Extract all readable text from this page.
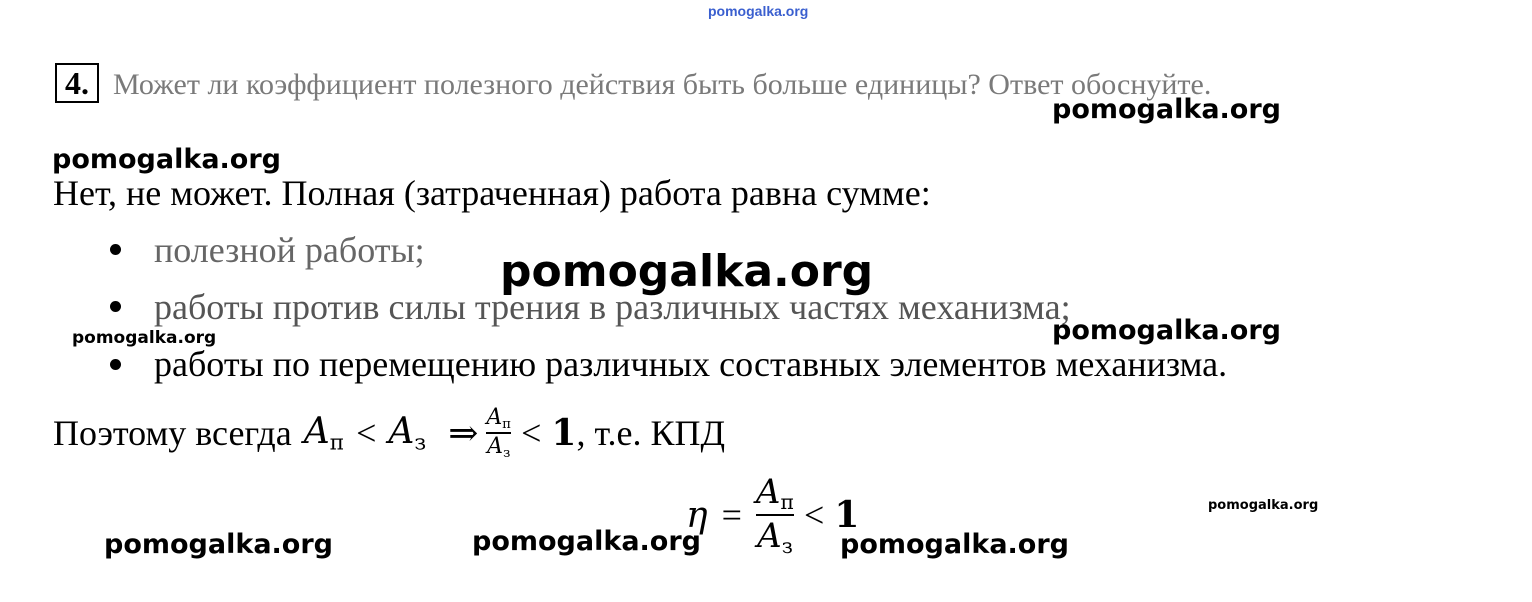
pomogalka.org
4. Может ли коэффициент полезного действия быть больше единицы? Ответ обоснуйте.
pomogalka.org
pomogalka.org
Нет, не может. Полная (затраченная) работа равна сумме:
полезной работы;
работы против силы трения в различных частях механизма;
работы по перемещению различных составных элементов механизма.
pomogalka.org
pomogalka.org	pomogalka.org
Поэтому всегда $A_п < A_з$ ⇒ $\frac{A_п}{A_з} < 1$ , т.е. КПД
$\eta = \frac{A_п}{A_з} < 1$	pomogalka.org
pomogalka.org	pomogalka.org	pomogalka.org
